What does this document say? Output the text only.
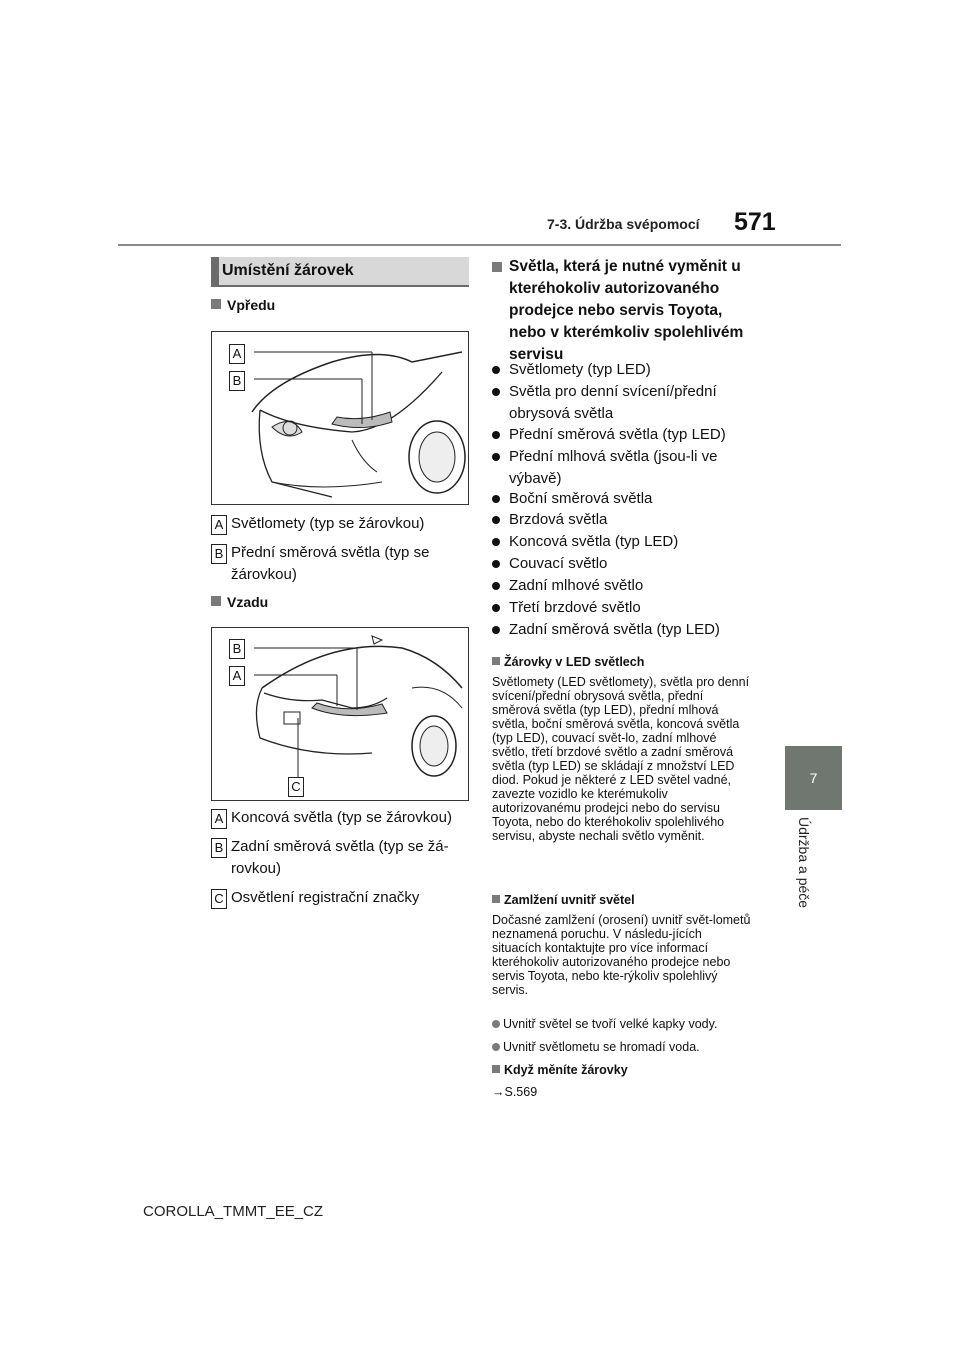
7-3. Údržba svépomocí 571
7
Údržba a péče
Umístění žárovek
Vpředu
A
B
A Světlomety (typ se žárovkou)
B Přední směrová světla (typ se žárovkou)
Vzadu
B
A
C
A Koncová světla (typ se žárovkou)
B Zadní směrová světla (typ se žá-rovkou)
C Osvětlení registrační značky
Světla, která je nutné vyměnit u kteréhokoliv autorizovaného prodejce nebo servis Toyota, nebo v kterémkoliv spolehlivém servisu
Světlomety (typ LED)
Světla pro denní svícení/přední obrysová světla
Přední směrová světla (typ LED)
Přední mlhová světla (jsou-li ve výbavě)
Boční směrová světla
Brzdová světla
Koncová světla (typ LED)
Couvací světlo
Zadní mlhové světlo
Třetí brzdové světlo
Zadní směrová světla (typ LED)
Žárovky v LED světlech
Světlomety (LED světlomety), světla pro denní svícení/přední obrysová světla, přední směrová světla (typ LED), přední mlhová světla, boční směrová světla, koncová světla (typ LED), couvací svět-lo, zadní mlhové světlo, třetí brzdové světlo a zadní směrová světla (typ LED) se skládají z množství LED diod. Pokud je některé z LED světel vadné, zavezte vozidlo ke kterémukoliv autorizovanému prodejci nebo do servisu Toyota, nebo do kteréhokoliv spolehlivého servisu, abyste nechali světlo vyměnit.
Zamlžení uvnitř světel
Dočasné zamlžení (orosení) uvnitř svět-lometů neznamená poruchu. V následu-jících situacích kontaktujte pro více informací kteréhokoliv autorizovaného prodejce nebo servis Toyota, nebo kte-rýkoliv spolehlivý servis.
Uvnitř světel se tvoří velké kapky vody.
Uvnitř světlometu se hromadí voda.
Když měníte žárovky
→S.569
COROLLA_TMMT_EE_CZ
